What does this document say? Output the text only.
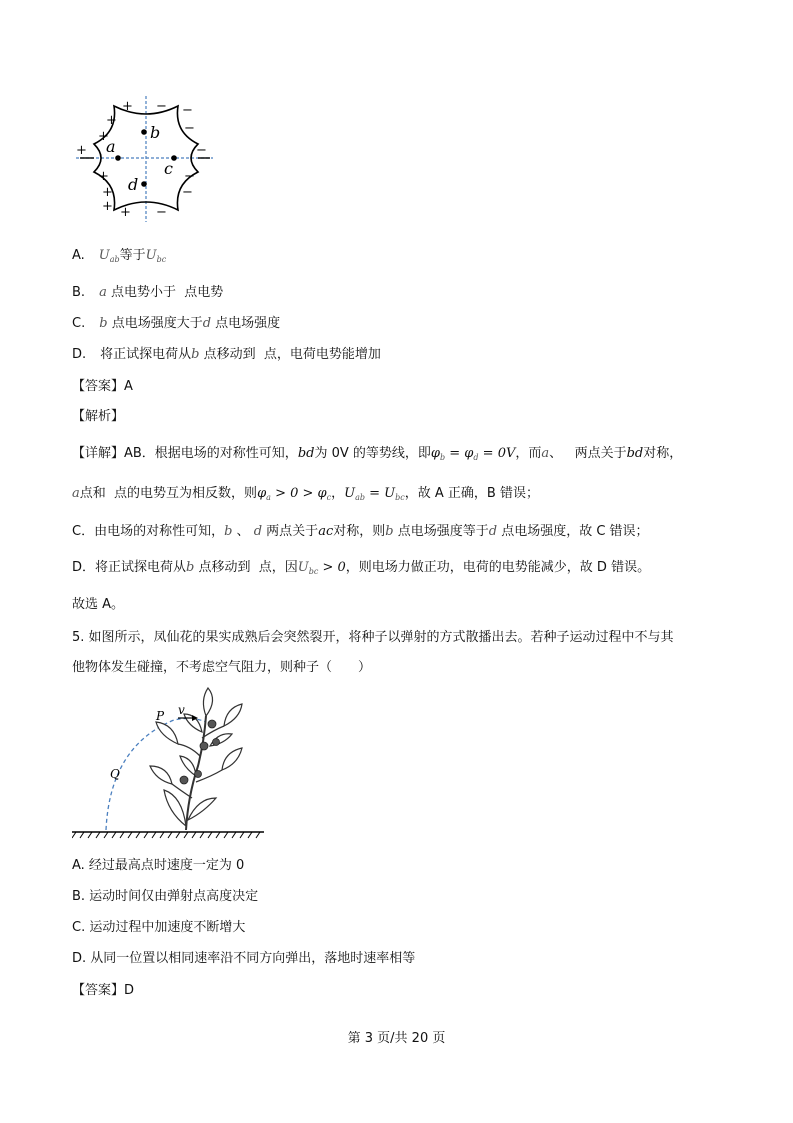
b
a
c
d
+
+
+
+
+
+
+ +
− −
−
−
−
−
−
A. $U_{ab}$等于$U_{bc}$
B. a 点电势小于 点电势
C. b 点电场强度大于d 点电场强度
D. 将正试探电荷从b 点移动到 点，电荷电势能增加
【答案】A
【解析】
【详解】AB．根据电场的对称性可知，bd为 0V 的等势线，即$\varphi_b = \varphi_d = 0V$，而a、 两点关于bd对称，
a点和 点的电势互为相反数，则$\varphi_a > 0 > \varphi_c$，$U_{ab} = U_{bc}$，故 A 正确，B 错误；
C．由电场的对称性可知，b 、 d 两点关于ac对称，则b 点电场强度等于d 点电场强度，故 C 错误；
D．将正试探电荷从b 点移动到 点，因$U_{bc} > 0$，则电场力做正功，电荷的电势能减少，故 D 错误。
故选 A。
5. 如图所示，凤仙花的果实成熟后会突然裂开，将种子以弹射的方式散播出去。若种子运动过程中不与其
他物体发生碰撞，不考虑空气阻力，则种子（　　）
P v
Q
A. 经过最高点时速度一定为 0
B. 运动时间仅由弹射点高度决定
C. 运动过程中加速度不断增大
D. 从同一位置以相同速率沿不同方向弹出，落地时速率相等
【答案】D
第 3 页/共 20 页
